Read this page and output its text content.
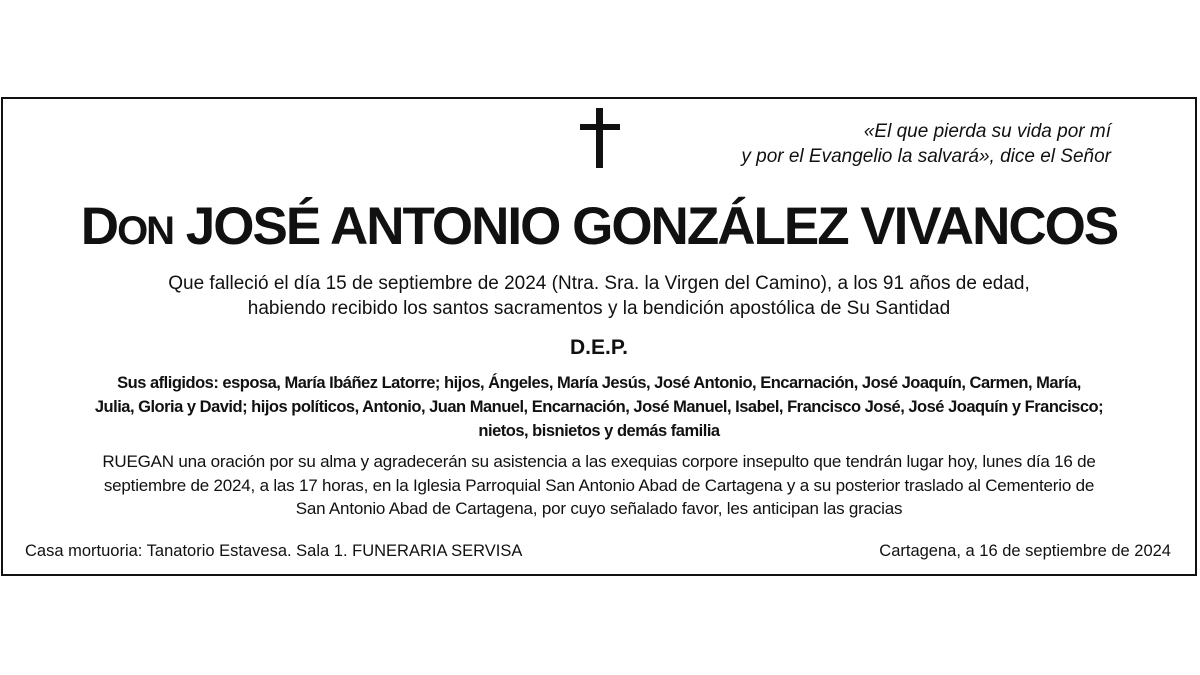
«El que pierda su vida por mí
y por el Evangelio la salvará», dice el Señor
DON JOSÉ ANTONIO GONZÁLEZ VIVANCOS
Que falleció el día 15 de septiembre de 2024 (Ntra. Sra. la Virgen del Camino), a los 91 años de edad,
habiendo recibido los santos sacramentos y la bendición apostólica de Su Santidad
D.E.P.
Sus afligidos: esposa, María Ibáñez Latorre; hijos, Ángeles, María Jesús, José Antonio, Encarnación, José Joaquín, Carmen, María,
Julia, Gloria y David; hijos políticos, Antonio, Juan Manuel, Encarnación, José Manuel, Isabel, Francisco José, José Joaquín y Francisco;
nietos, bisnietos y demás familia
RUEGAN una oración por su alma y agradecerán su asistencia a las exequias corpore insepulto que tendrán lugar hoy, lunes día 16 de
septiembre de 2024, a las 17 horas, en la Iglesia Parroquial San Antonio Abad de Cartagena y a su posterior traslado al Cementerio de
San Antonio Abad de Cartagena, por cuyo señalado favor, les anticipan las gracias
Casa mortuoria: Tanatorio Estavesa. Sala 1. FUNERARIA SERVISA	Cartagena, a 16 de septiembre de 2024
